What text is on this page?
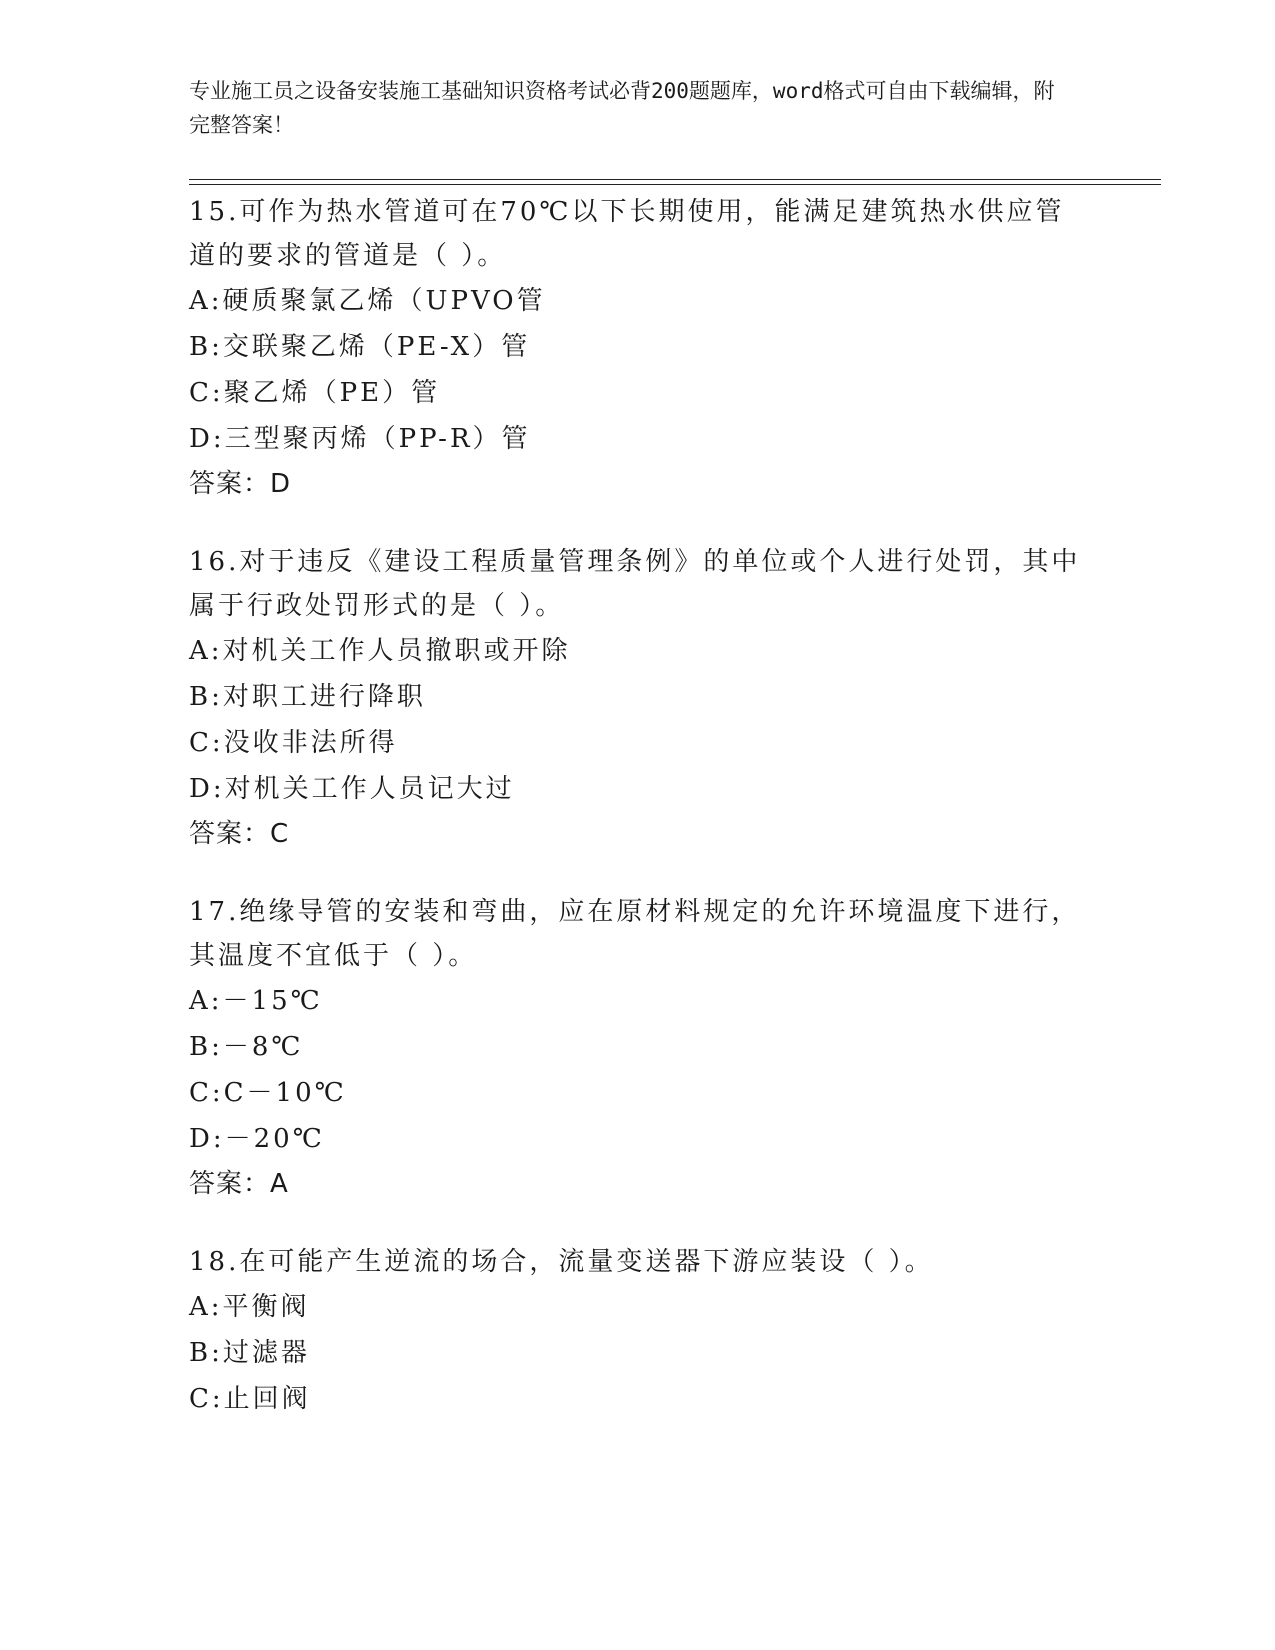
专业施工员之设备安装施工基础知识资格考试必背200题题库，word格式可自由下载编辑，附完整答案！
15.可作为热水管道可在70℃以下长期使用，能满足建筑热水供应管道的要求的管道是（ ）。
A:硬质聚氯乙烯（UPVO管
B:交联聚乙烯（PE-X）管
C:聚乙烯（PE）管
D:三型聚丙烯（PP-R）管
答案：D
16.对于违反《建设工程质量管理条例》的单位或个人进行处罚，其中属于行政处罚形式的是（ ）。
A:对机关工作人员撤职或开除
B:对职工进行降职
C:没收非法所得
D:对机关工作人员记大过
答案：C
17.绝缘导管的安装和弯曲，应在原材料规定的允许环境温度下进行，其温度不宜低于（ ）。
A:－15℃
B:－8℃
C:C－10℃
D:－20℃
答案：A
18.在可能产生逆流的场合，流量变送器下游应装设（ ）。
A:平衡阀
B:过滤器
C:止回阀
